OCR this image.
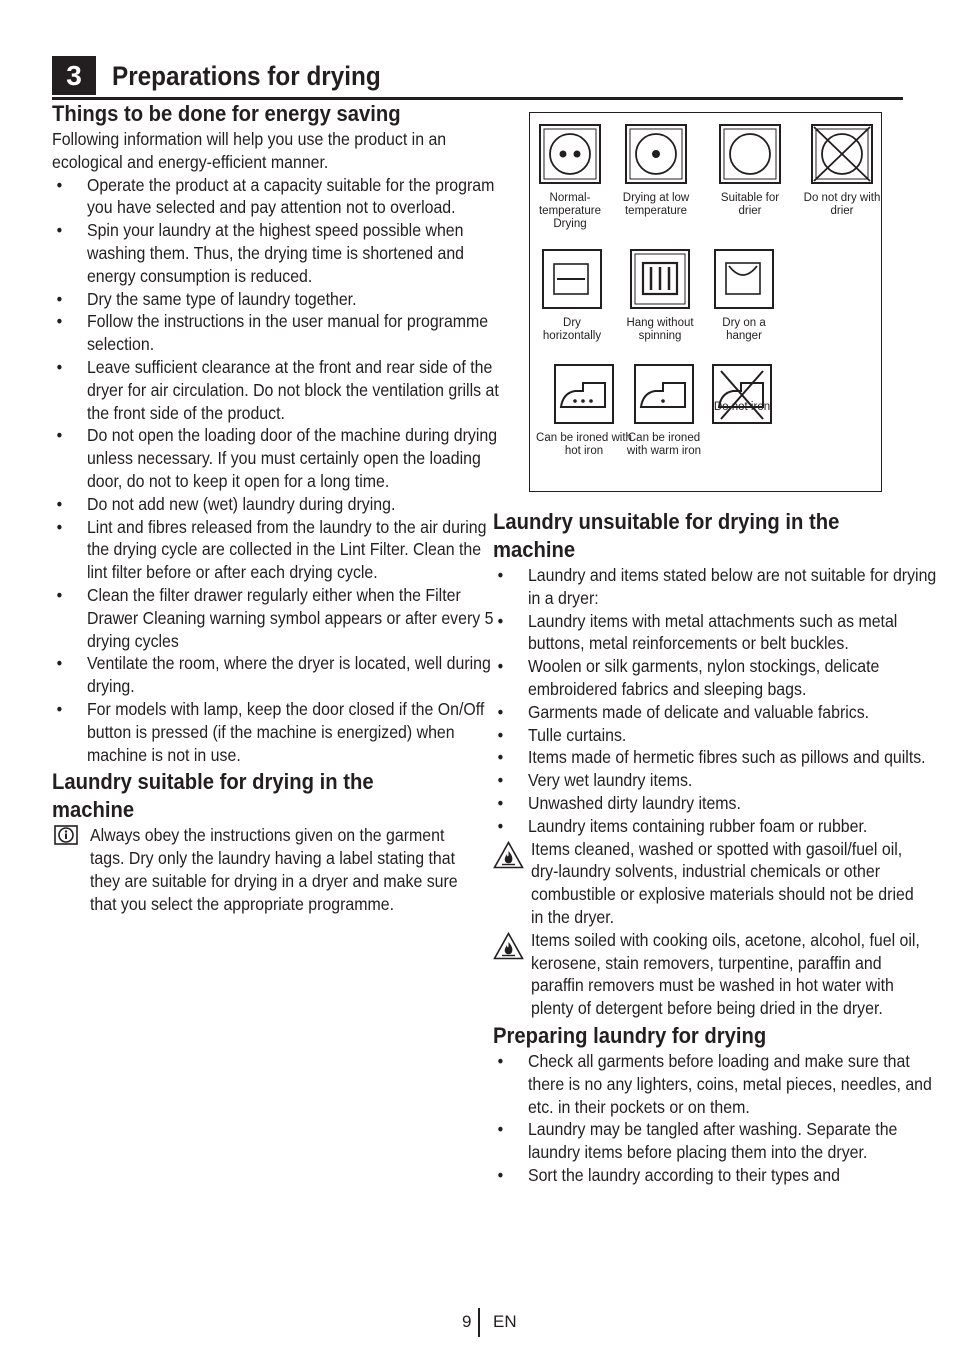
3	Preparations for drying
Things to be done for energy saving

Following information will help you use the product in an ecological and energy-efficient manner.

• Operate the product at a capacity suitable for the program you have selected and pay attention not to overload.
• Spin your laundry at the highest speed possible when washing them. Thus, the drying time is shortened and energy consumption is reduced.
• Dry the same type of laundry together.
• Follow the instructions in the user manual for programme selection.
• Leave sufficient clearance at the front and rear side of the dryer for air circulation. Do not block the ventilation grills at the front side of the product.
• Do not open the loading door of the machine during drying unless necessary. If you must certainly open the loading door, do not to keep it open for a long time.
• Do not add new (wet) laundry during drying.
• Lint and fibres released from the laundry to the air during the drying cycle are collected in the Lint Filter. Clean the lint filter before or after each drying cycle.
• Clean the filter drawer regularly either when the Filter Drawer Cleaning warning symbol appears or after every 5 drying cycles
• Ventilate the room, where the dryer is located, well during drying.
• For models with lamp, keep the door closed if the On/Off button is pressed (if the machine is energized) when machine is not in use.
Laundry suitable for drying in the machine
Always obey the instructions given on the garment tags. Dry only the laundry having a label stating that they are suitable for drying in a dryer and make sure that you select the appropriate programme.
Normal-temperature Drying
Drying at low temperature
Suitable for drier
Do not dry with drier
Dry horizontally
Hang without spinning
Dry on a hanger
Can be ironed with hot iron
Can be ironed with warm iron
Do not iron
Laundry unsuitable for drying in the machine
• Laundry and items stated below are not suitable for drying in a dryer:
• Laundry items with metal attachments such as metal buttons, metal reinforcements or belt buckles.
• Woolen or silk garments, nylon stockings, delicate embroidered fabrics and sleeping bags.
• Garments made of delicate and valuable fabrics.
• Tulle curtains.
• Items made of hermetic fibres such as pillows and quilts.
• Very wet laundry items.
• Unwashed dirty laundry items.
• Laundry items containing rubber foam or rubber.
Items cleaned, washed or spotted with gasoil/fuel oil, dry-laundry solvents, industrial chemicals or other combustible or explosive materials should not be dried in the dryer.
Items soiled with cooking oils, acetone, alcohol, fuel oil, kerosene, stain removers, turpentine, paraffin and paraffin removers must be washed in hot water with plenty of detergent before being dried in the dryer.
Preparing laundry for drying
• Check all garments before loading and make sure that there is no any lighters, coins, metal pieces, needles, and etc. in their pockets or on them.
• Laundry may be tangled after washing. Separate the laundry items before placing them into the dryer.
• Sort the laundry according to their types and
9 EN
